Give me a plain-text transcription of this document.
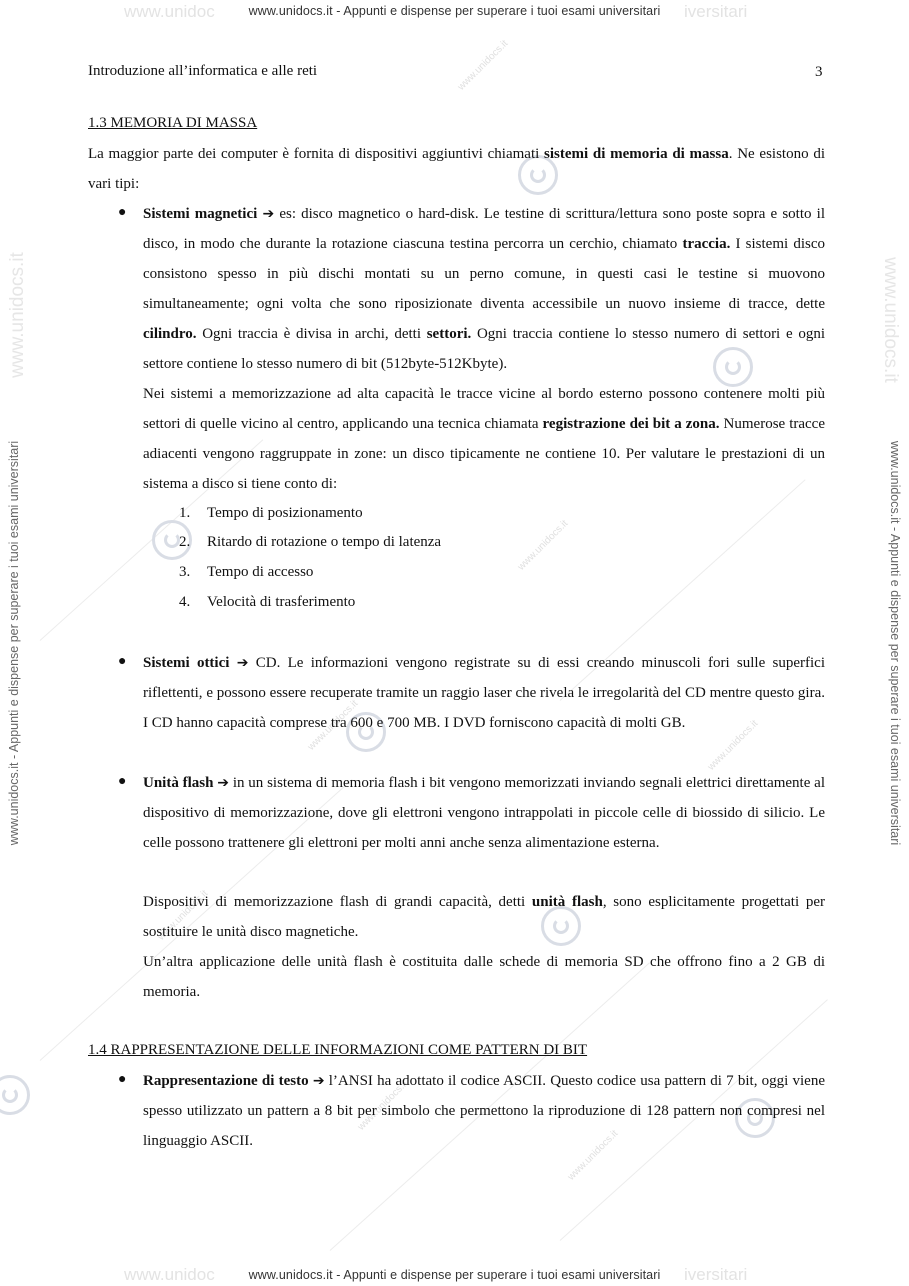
www.unidocs.it
www.unidocs.it
www.unidocs.it
www.unidocs.it
www.unidocs.it
www.unidocs.it
www.unidocs.it
www.unidoc	iversitari
www.unidocs.it - Appunti e dispense per superare i tuoi esami universitari
www.unidoc	iversitari
www.unidocs.it - Appunti e dispense per superare i tuoi esami universitari
www.unidocs.it - Appunti e dispense per superare i tuoi esami universitari	www.unidocs.it - Appunti e dispense per superare i tuoi esami universitari
www.unidocs.it	www.unidocs.it
Introduzione all’informatica e alle reti	3
1.3 MEMORIA DI MASSA
La maggior parte dei computer è fornita di dispositivi aggiuntivi chiamati sistemi di memoria di massa. Ne esistono di vari tipi:
● Sistemi magnetici ➔ es: disco magnetico o hard-disk. Le testine di scrittura/lettura sono poste sopra e sotto il disco, in modo che durante la rotazione ciascuna testina percorra un cerchio, chiamato traccia. I sistemi disco consistono spesso in più dischi montati su un perno comune, in questi casi le testine si muovono simultaneamente; ogni volta che sono riposizionate diventa accessibile un nuovo insieme di tracce, dette cilindro. Ogni traccia è divisa in archi, detti settori. Ogni traccia contiene lo stesso numero di settori e ogni settore contiene lo stesso numero di bit (512byte-512Kbyte).
Nei sistemi a memorizzazione ad alta capacità le tracce vicine al bordo esterno possono contenere molti più settori di quelle vicino al centro, applicando una tecnica chiamata registrazione dei bit a zona. Numerose tracce adiacenti vengono raggruppate in zone: un disco tipicamente ne contiene 10. Per valutare le prestazioni di un sistema a disco si tiene conto di:
1. Tempo di posizionamento
2. Ritardo di rotazione o tempo di latenza
3. Tempo di accesso
4. Velocità di trasferimento
● Sistemi ottici ➔ CD. Le informazioni vengono registrate su di essi creando minuscoli fori sulle superfici riflettenti, e possono essere recuperate tramite un raggio laser che rivela le irregolarità del CD mentre questo gira. I CD hanno capacità comprese tra 600 e 700 MB. I DVD forniscono capacità di molti GB.
● Unità flash ➔ in un sistema di memoria flash i bit vengono memorizzati inviando segnali elettrici direttamente al dispositivo di memorizzazione, dove gli elettroni vengono intrappolati in piccole celle di biossido di silicio. Le celle possono trattenere gli elettroni per molti anni anche senza alimentazione esterna.
Dispositivi di memorizzazione flash di grandi capacità, detti unità flash, sono esplicitamente progettati per sostituire le unità disco magnetiche.
Un’altra applicazione delle unità flash è costituita dalle schede di memoria SD che offrono fino a 2 GB di memoria.
1.4 RAPPRESENTAZIONE DELLE INFORMAZIONI COME PATTERN DI BIT
● Rappresentazione di testo ➔ l’ANSI ha adottato il codice ASCII. Questo codice usa pattern di 7 bit, oggi viene spesso utilizzato un pattern a 8 bit per simbolo che permettono la riproduzione di 128 pattern non compresi nel linguaggio ASCII.
